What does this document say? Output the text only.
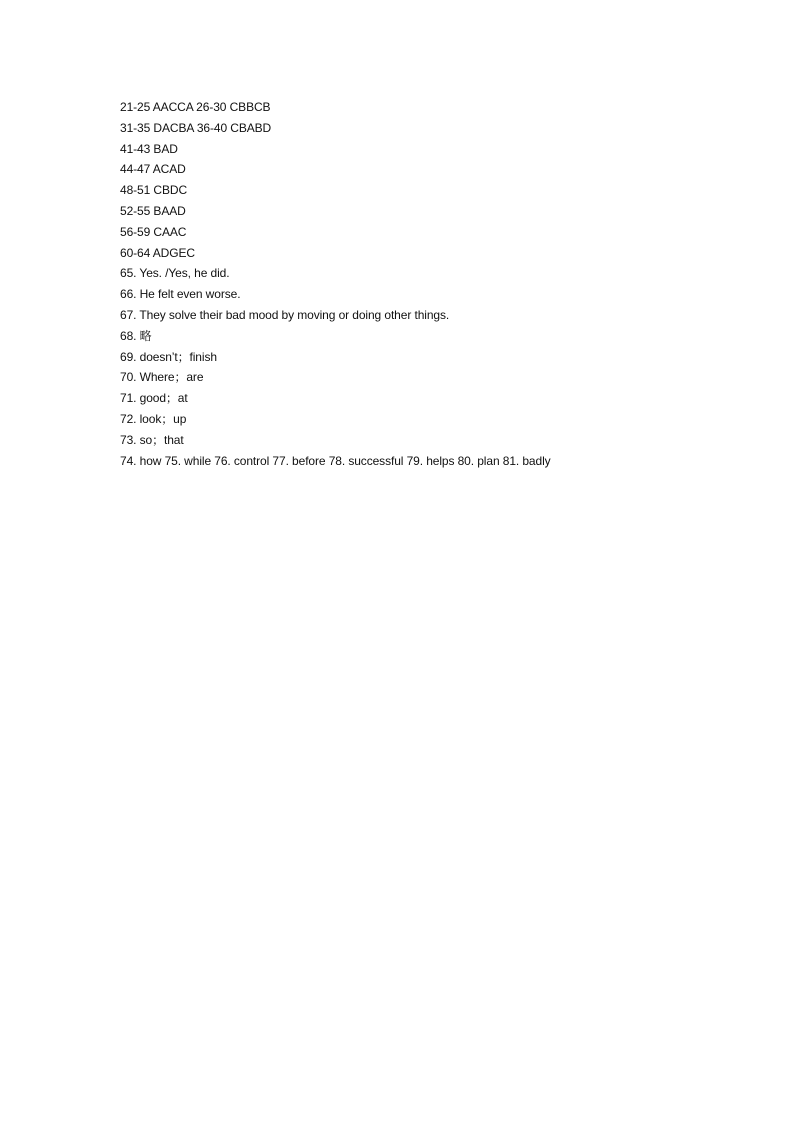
21-25 AACCA 26-30 CBBCB
31-35 DACBA 36-40 CBABD
41-43 BAD
44-47 ACAD
48-51 CBDC
52-55 BAAD
56-59 CAAC
60-64 ADGEC
65. Yes. /Yes, he did.
66. He felt even worse.
67. They solve their bad mood by moving or doing other things.
68. 略
69. doesn’t；finish
70. Where；are
71. good；at
72. look；up
73. so；that
74. how 75. while 76. control 77. before 78. successful 79. helps 80. plan 81. badly
